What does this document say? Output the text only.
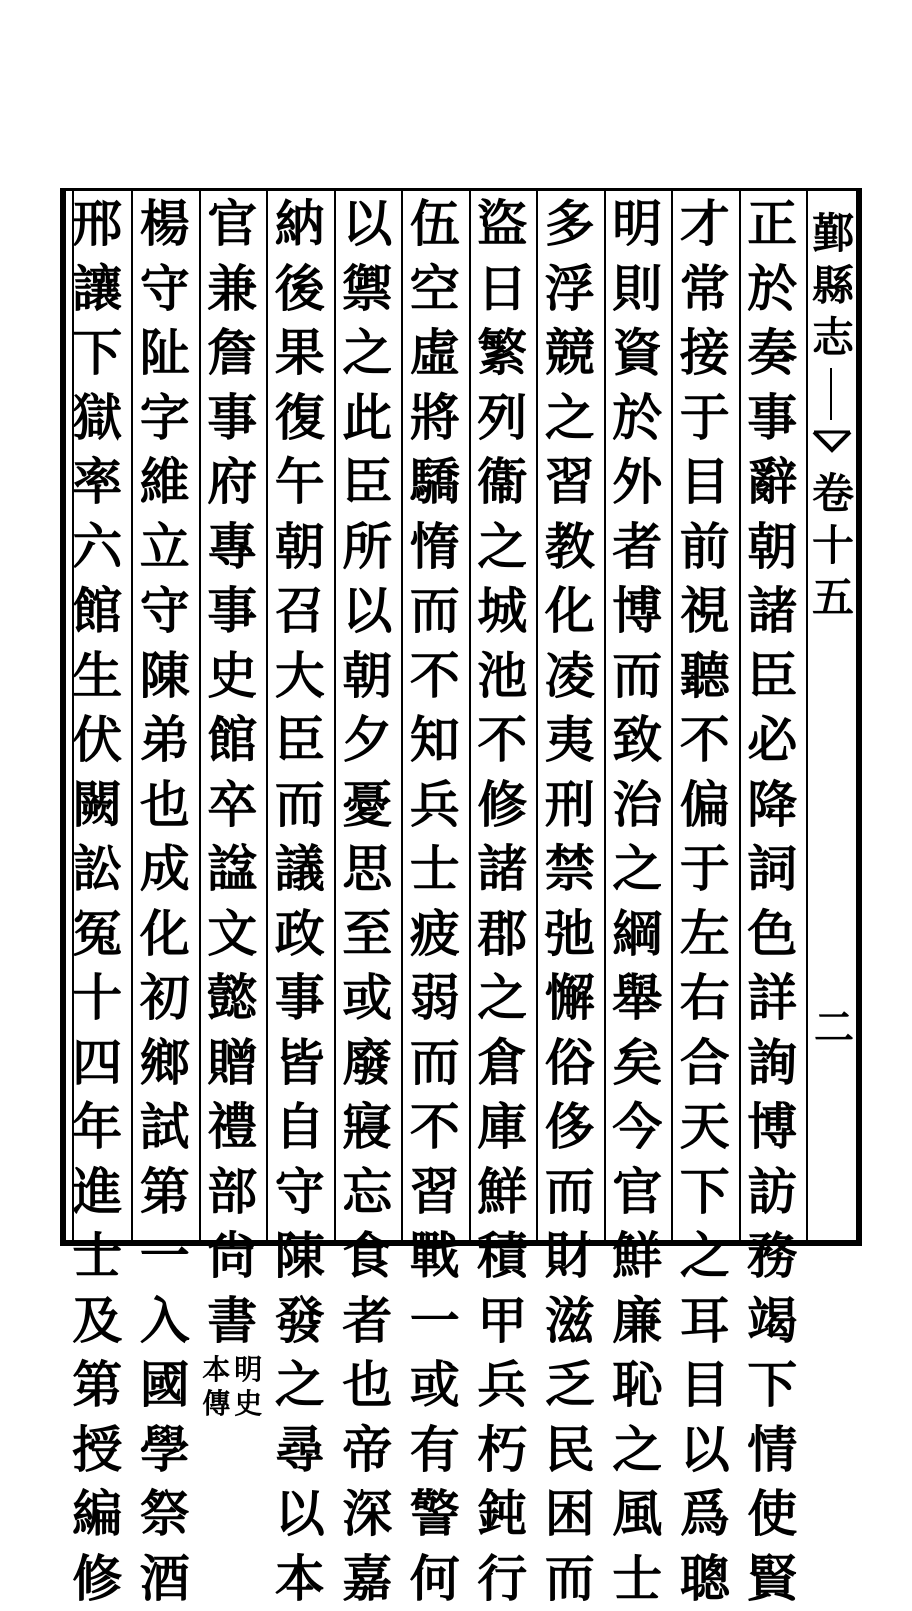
鄞
縣
志
卷
十
五
二
正
於
奏
事
辭
朝
諸
臣
必
降
詞
色
詳
詢
博
訪
務
竭
下
情
使
賢
才
常
接
于
目
前
視
聽
不
偏
于
左
右
合
天
下
之
耳
目
以
爲
聰
明
則
資
於
外
者
博
而
致
治
之
綱
舉
矣
今
官
鮮
廉
恥
之
風
士
多
浮
競
之
習
教
化
凌
夷
刑
禁
弛
懈
俗
侈
而
財
滋
乏
民
困
而
盜
日
繁
列
衞
之
城
池
不
修
諸
郡
之
倉
庫
鮮
積
甲
兵
朽
鈍
行
伍
空
虛
將
驕
惰
而
不
知
兵
士
疲
弱
而
不
習
戰
一
或
有
警
何
以
禦
之
此
臣
所
以
朝
夕
憂
思
至
或
廢
寢
忘
食
者
也
帝
深
嘉
納
後
果
復
午
朝
召
大
臣
而
議
政
事
皆
自
守
陳
發
之
尋
以
本
官
兼
詹
事
府
專
事
史
館
卒
諡
文
懿
贈
禮
部
尙
書
明
史
本
傳
楊
守
阯
字
維
立
守
陳
弟
也
成
化
初
鄉
試
第
一
入
國
學
祭
酒
邢
讓
下
獄
率
六
館
生
伏
闕
訟
冤
十
四
年
進
士
及
第
授
編
修
